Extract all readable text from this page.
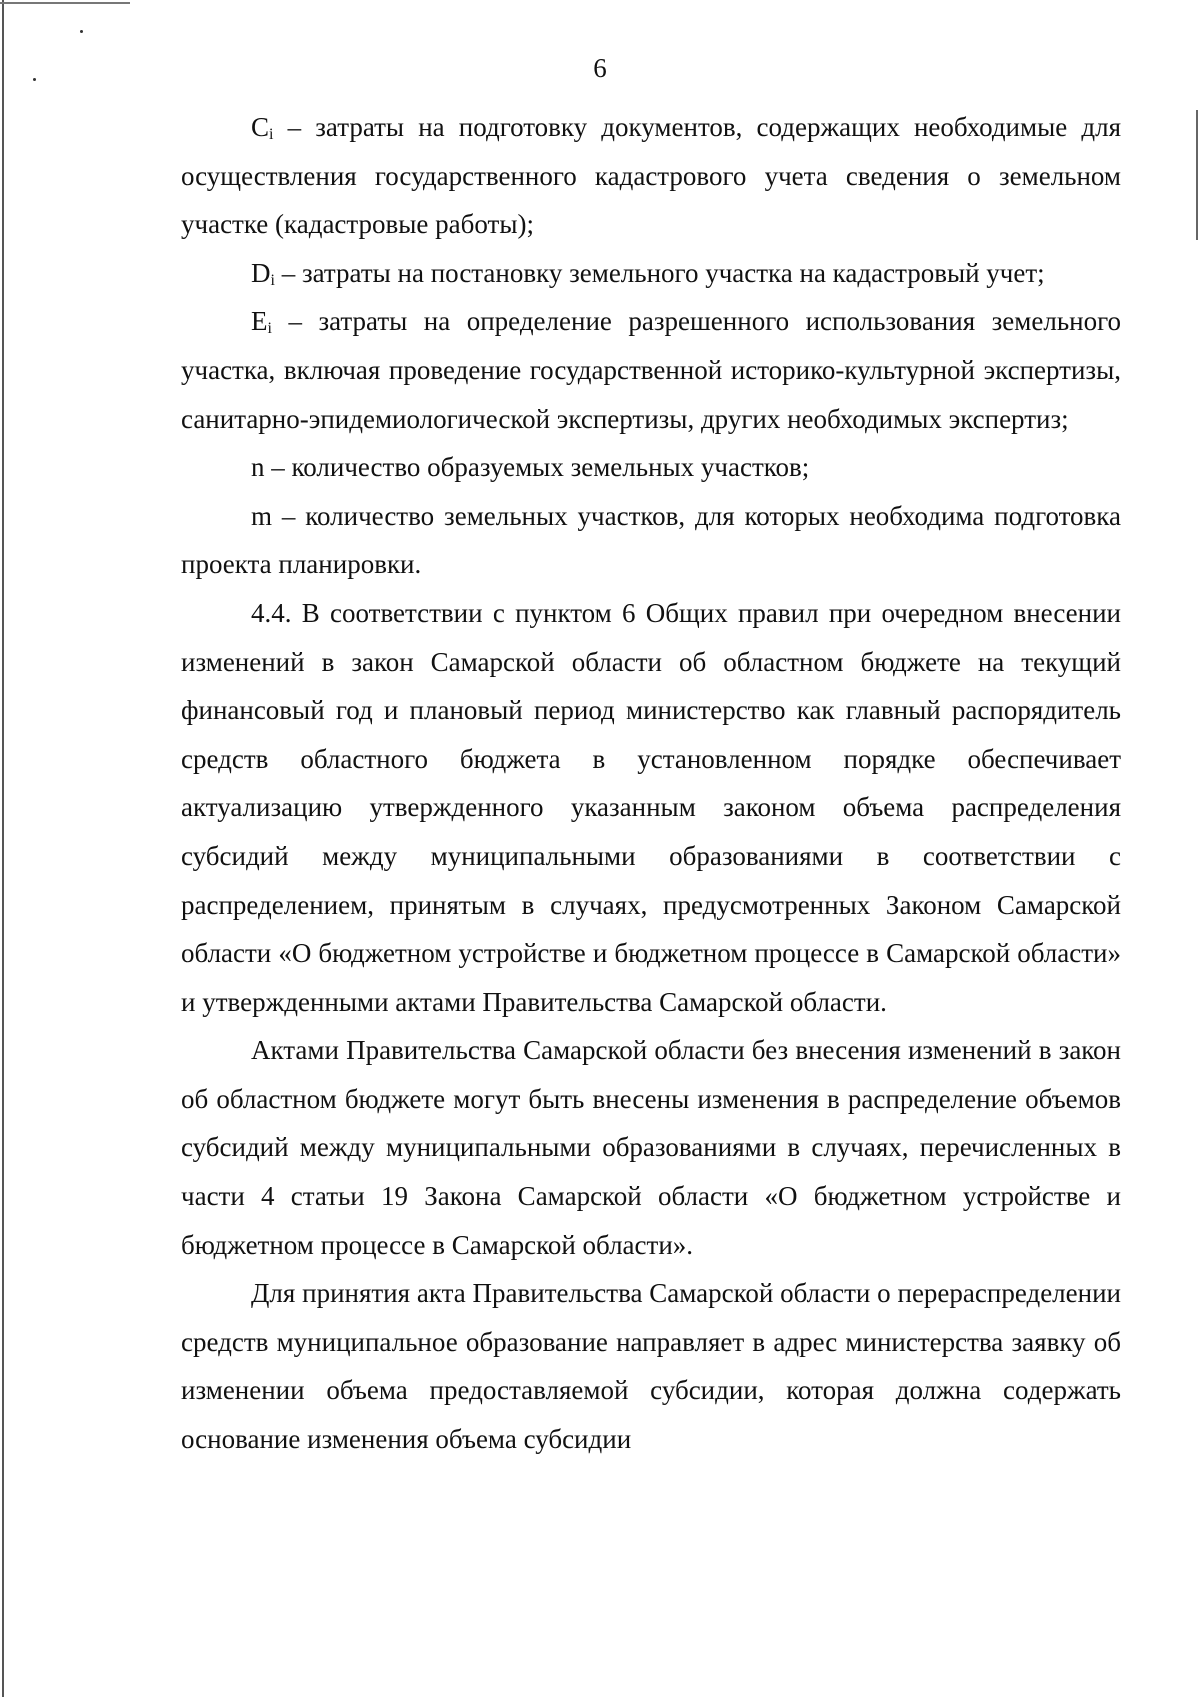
6

$C_i$ – затраты на подготовку документов, содержащих необходимые для осуществления государственного кадастрового учета сведения о земельном участке (кадастровые работы);

$D_i$ – затраты на постановку земельного участка на кадастровый учет;

$E_i$ – затраты на определение разрешенного использования земельного участка, включая проведение государственной историко-культурной экспертизы, санитарно-эпидемиологической экспертизы, других необходимых экспертиз;

n – количество образуемых земельных участков;

m – количество земельных участков, для которых необходима подготовка проекта планировки.

4.4. В соответствии с пунктом 6 Общих правил при очередном внесении изменений в закон Самарской области об областном бюджете на текущий финансовый год и плановый период министерство как главный распорядитель средств областного бюджета в установленном порядке обеспечивает актуализацию утвержденного указанным законом объема распределения субсидий между муниципальными образованиями в соответствии с распределением, принятым в случаях, предусмотренных Законом Самарской области «О бюджетном устройстве и бюджетном процессе в Самарской области» и утвержденными актами Правительства Самарской области.

Актами Правительства Самарской области без внесения изменений в закон об областном бюджете могут быть внесены изменения в распределение объемов субсидий между муниципальными образованиями в случаях, перечисленных в части 4 статьи 19 Закона Самарской области «О бюджетном устройстве и бюджетном процессе в Самарской области».

Для принятия акта Правительства Самарской области о перераспределении средств муниципальное образование направляет в адрес министерства заявку об изменении объема предоставляемой субсидии, которая должна содержать основание изменения объема субсидии
